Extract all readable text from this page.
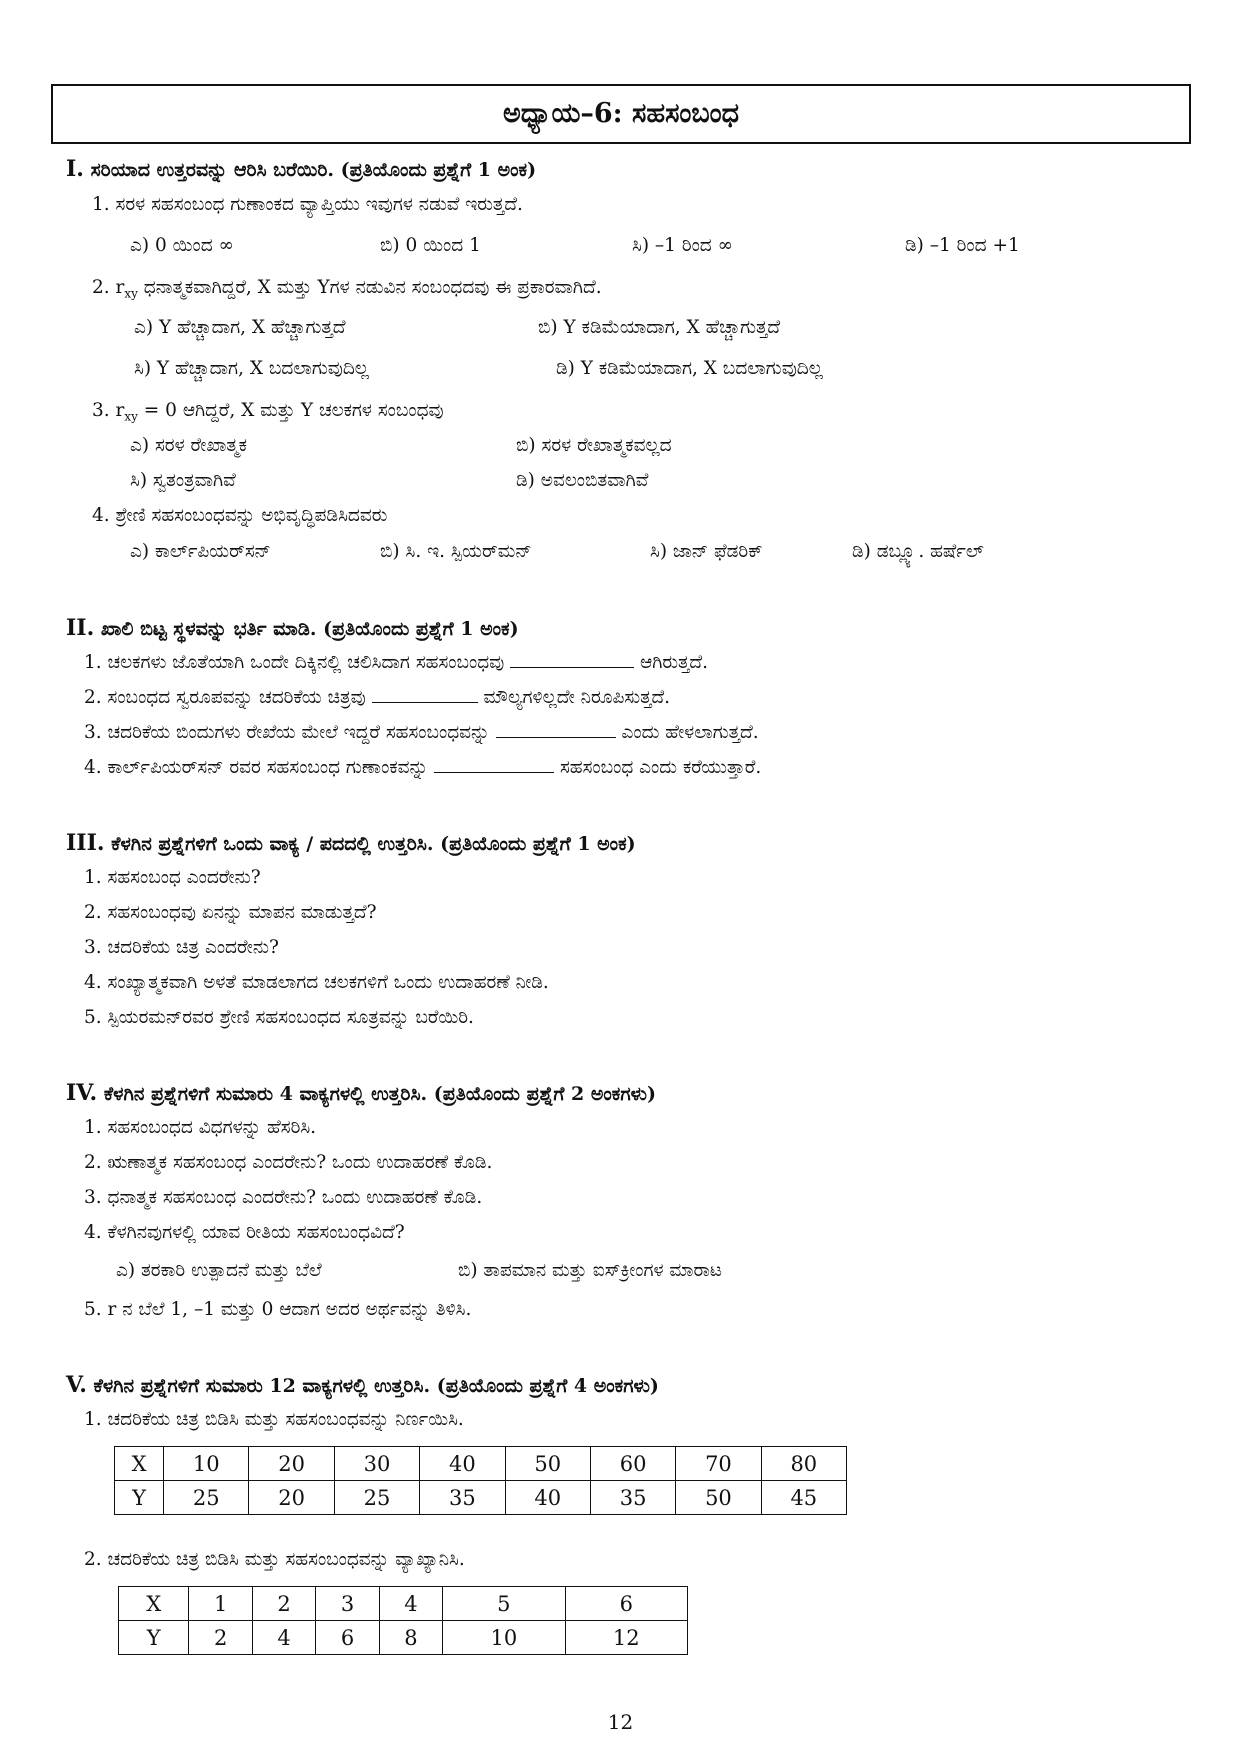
ಅಧ್ಯಾಯ–6: ಸಹಸಂಬಂಧ
I. ಸರಿಯಾದ ಉತ್ತರವನ್ನು ಆರಿಸಿ ಬರೆಯಿರಿ. (ಪ್ರತಿಯೊಂದು ಪ್ರಶ್ನೆಗೆ 1 ಅಂಕ)
1. ಸರಳ ಸಹಸಂಬಂಧ ಗುಣಾಂಕದ ವ್ಯಾಪ್ತಿಯು ಇವುಗಳ ನಡುವೆ ಇರುತ್ತದೆ.
ಎ) 0 ಯಿಂದ ∞	ಬಿ) 0 ಯಿಂದ 1	ಸಿ) –1 ರಿಂದ ∞	ಡಿ) –1 ರಿಂದ +1
2. $r_{xy}$ ಧನಾತ್ಮಕವಾಗಿದ್ದರೆ, X ಮತ್ತು Yಗಳ ನಡುವಿನ ಸಂಬಂಧದವು ಈ ಪ್ರಕಾರವಾಗಿದೆ.
ಎ) Y ಹೆಚ್ಚಾದಾಗ, X ಹೆಚ್ಚಾಗುತ್ತದೆ	ಬಿ) Y ಕಡಿಮೆಯಾದಾಗ, X ಹೆಚ್ಚಾಗುತ್ತದೆ
ಸಿ) Y ಹೆಚ್ಚಾದಾಗ, X ಬದಲಾಗುವುದಿಲ್ಲ	ಡಿ) Y ಕಡಿಮೆಯಾದಾಗ, X ಬದಲಾಗುವುದಿಲ್ಲ
3. $r_{xy} = 0$ ಆಗಿದ್ದರೆ, X ಮತ್ತು Y ಚಲಕಗಳ ಸಂಬಂಧವು
ಎ) ಸರಳ ರೇಖಾತ್ಮಕ	ಬಿ) ಸರಳ ರೇಖಾತ್ಮಕವಲ್ಲದ
ಸಿ) ಸ್ವತಂತ್ರವಾಗಿವೆ	ಡಿ) ಅವಲಂಬಿತವಾಗಿವೆ
4. ಶ್ರೇಣಿ ಸಹಸಂಬಂಧವನ್ನು ಅಭಿವೃದ್ಧಿಪಡಿಸಿದವರು
ಎ) ಕಾರ್ಲ್‌ಪಿಯರ್‌ಸನ್	ಬಿ) ಸಿ. ಇ. ಸ್ಪಿಯರ್‌ಮನ್	ಸಿ) ಜಾನ್ ಫೆಡರಿಕ್	ಡಿ) ಡಬ್ಲ್ಯೂ. ಹರ್ಷೆಲ್
II. ಖಾಲಿ ಬಿಟ್ಟ ಸ್ಥಳವನ್ನು ಭರ್ತಿ ಮಾಡಿ. (ಪ್ರತಿಯೊಂದು ಪ್ರಶ್ನೆಗೆ 1 ಅಂಕ)
1. ಚಲಕಗಳು ಜೊತೆಯಾಗಿ ಒಂದೇ ದಿಕ್ಕಿನಲ್ಲಿ ಚಲಿಸಿದಾಗ ಸಹಸಂಬಂಧವು	ಆಗಿರುತ್ತದೆ.
2. ಸಂಬಂಧದ ಸ್ವರೂಪವನ್ನು ಚದರಿಕೆಯ ಚಿತ್ರವು	ಮೌಲ್ಯಗಳಿಲ್ಲದೇ ನಿರೂಪಿಸುತ್ತದೆ.
3. ಚದರಿಕೆಯ ಬಿಂದುಗಳು ರೇಖೆಯ ಮೇಲೆ ಇದ್ದರೆ ಸಹಸಂಬಂಧವನ್ನು	ಎಂದು ಹೇಳಲಾಗುತ್ತದೆ.
4. ಕಾರ್ಲ್‌ಪಿಯರ್‌ಸನ್ ರವರ ಸಹಸಂಬಂಧ ಗುಣಾಂಕವನ್ನು	ಸಹಸಂಬಂಧ ಎಂದು ಕರೆಯುತ್ತಾರೆ.
III. ಕೆಳಗಿನ ಪ್ರಶ್ನೆಗಳಿಗೆ ಒಂದು ವಾಕ್ಯ / ಪದದಲ್ಲಿ ಉತ್ತರಿಸಿ. (ಪ್ರತಿಯೊಂದು ಪ್ರಶ್ನೆಗೆ 1 ಅಂಕ)
1. ಸಹಸಂಬಂಧ ಎಂದರೇನು?
2. ಸಹಸಂಬಂಧವು ಏನನ್ನು ಮಾಪನ ಮಾಡುತ್ತದೆ?
3. ಚದರಿಕೆಯ ಚಿತ್ರ ಎಂದರೇನು?
4. ಸಂಖ್ಯಾತ್ಮಕವಾಗಿ ಅಳತೆ ಮಾಡಲಾಗದ ಚಲಕಗಳಿಗೆ ಒಂದು ಉದಾಹರಣೆ ನೀಡಿ.
5. ಸ್ಪಿಯರಮನ್‌ರವರ ಶ್ರೇಣಿ ಸಹಸಂಬಂಧದ ಸೂತ್ರವನ್ನು ಬರೆಯಿರಿ.
IV. ಕೆಳಗಿನ ಪ್ರಶ್ನೆಗಳಿಗೆ ಸುಮಾರು 4 ವಾಕ್ಯಗಳಲ್ಲಿ ಉತ್ತರಿಸಿ. (ಪ್ರತಿಯೊಂದು ಪ್ರಶ್ನೆಗೆ 2 ಅಂಕಗಳು)
1. ಸಹಸಂಬಂಧದ ವಿಧಗಳನ್ನು ಹೆಸರಿಸಿ.
2. ಋಣಾತ್ಮಕ ಸಹಸಂಬಂಧ ಎಂದರೇನು? ಒಂದು ಉದಾಹರಣೆ ಕೊಡಿ.
3. ಧನಾತ್ಮಕ ಸಹಸಂಬಂಧ ಎಂದರೇನು? ಒಂದು ಉದಾಹರಣೆ ಕೊಡಿ.
4. ಕೆಳಗಿನವುಗಳಲ್ಲಿ ಯಾವ ರೀತಿಯ ಸಹಸಂಬಂಧವಿದೆ?
ಎ) ತರಕಾರಿ ಉತ್ಪಾದನೆ ಮತ್ತು ಬೆಲೆ	ಬಿ) ತಾಪಮಾನ ಮತ್ತು ಐಸ್‌ಕ್ರೀಂಗಳ ಮಾರಾಟ
5. r ನ ಬೆಲೆ 1, –1 ಮತ್ತು 0 ಆದಾಗ ಅದರ ಅರ್ಥವನ್ನು ತಿಳಿಸಿ.
V. ಕೆಳಗಿನ ಪ್ರಶ್ನೆಗಳಿಗೆ ಸುಮಾರು 12 ವಾಕ್ಯಗಳಲ್ಲಿ ಉತ್ತರಿಸಿ. (ಪ್ರತಿಯೊಂದು ಪ್ರಶ್ನೆಗೆ 4 ಅಂಕಗಳು)
1. ಚದರಿಕೆಯ ಚಿತ್ರ ಬಿಡಿಸಿ ಮತ್ತು ಸಹಸಂಬಂಧವನ್ನು ನಿರ್ಣಯಿಸಿ.
X	10	20	30	40	50	60	70	80
Y	25	20	25	35	40	35	50	45
2. ಚದರಿಕೆಯ ಚಿತ್ರ ಬಿಡಿಸಿ ಮತ್ತು ಸಹಸಂಬಂಧವನ್ನು ವ್ಯಾಖ್ಯಾನಿಸಿ.
X	1	2	3	4	5	6
Y	2	4	6	8	10	12
12
